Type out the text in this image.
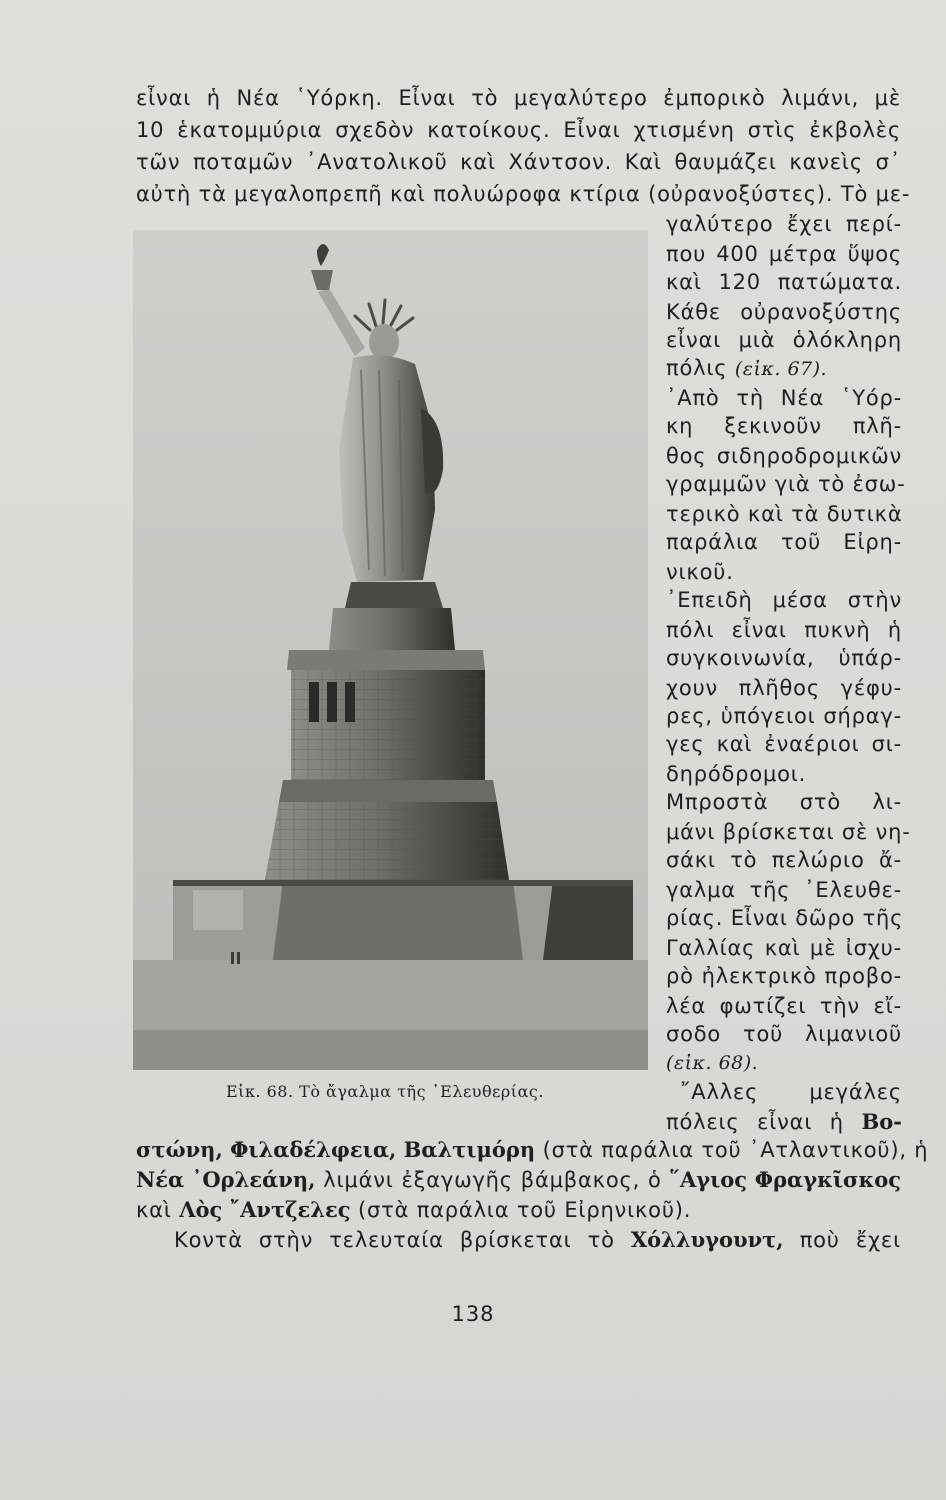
εἶναι ἡ Νέα ῾Υόρκη. Εἶναι τὸ μεγαλύτερο ἐμπορικὸ λιμάνι, μὲ
10 ἑκατομμύρια σχεδὸν κατοίκους. Εἶναι χτισμένη στὶς ἐκβολὲς
τῶν ποταμῶν ᾿Ανατολικοῦ καὶ Χάντσον. Καὶ θαυμάζει κανεὶς σ᾿
αὐτὴ τὰ μεγαλοπρεπῆ καὶ πολυώροφα κτίρια (οὐρανοξύστες). Τὸ με-
γαλύτερο ἔχει περί-
που 400 μέτρα ὕψος
καὶ 120 πατώματα.
Κάθε οὐρανοξύστης
εἶναι μιὰ ὁλόκληρη
πόλις (εἰκ. 67).
᾿Απὸ τὴ Νέα ῾Υόρ-
κη ξεκινοῦν πλῆ-
θος σιδηροδρομικῶν
γραμμῶν γιὰ τὸ ἐσω-
τερικὸ καὶ τὰ δυτικὰ
παράλια τοῦ Εἰρη-
νικοῦ.
᾿Επειδὴ μέσα στὴν
πόλι εἶναι πυκνὴ ἡ
συγκοινωνία, ὑπάρ-
χουν πλῆθος γέφυ-
ρες, ὑπόγειοι σήραγ-
γες καὶ ἐναέριοι σι-
δηρόδρομοι.
Μπροστὰ στὸ λι-
μάνι βρίσκεται σὲ νη-
σάκι τὸ πελώριο ἄ-
γαλμα τῆς ᾿Ελευθε-
ρίας. Εἶναι δῶρο τῆς
Γαλλίας καὶ μὲ ἰσχυ-
ρὸ ἠλεκτρικὸ προβο-
λέα φωτίζει τὴν εἴ-
σοδο τοῦ λιμανιοῦ
(εἰκ. 68).
῎Αλλες μεγάλες
πόλεις εἶναι ἡ Βο-
Εἰκ. 68. Τὸ ἄγαλμα τῆς ᾿Ελευθερίας.
στώνη, Φιλαδέλφεια, Βαλτιμόρη (στὰ παράλια τοῦ ᾿Ατλαντικοῦ), ἡ
Νέα ᾿Ορλεάνη, λιμάνι ἐξαγωγῆς βάμβακος, ὁ ῞Αγιος Φραγκῖσκος
καὶ Λὸς ῎Αντζελες (στὰ παράλια τοῦ Εἰρηνικοῦ).
Κοντὰ στὴν τελευταία βρίσκεται τὸ Χόλλυγουντ, ποὺ ἔχει
138
